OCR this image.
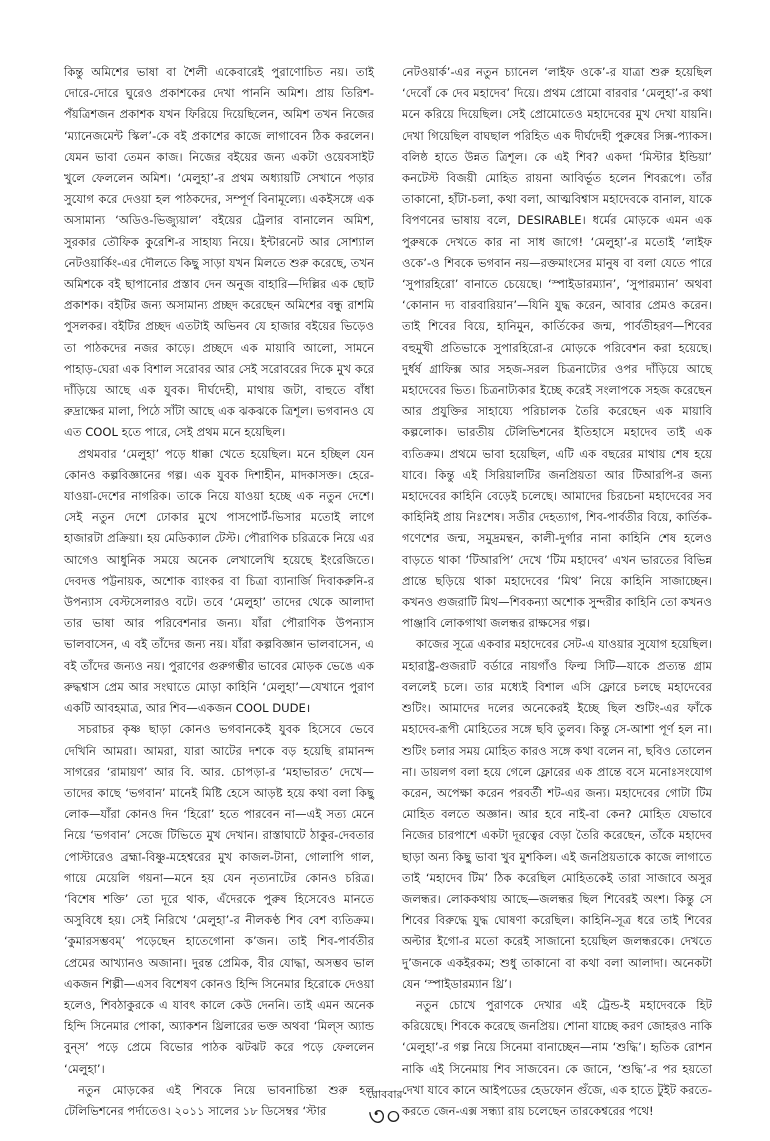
কিন্তু অমিশের ভাষা বা শৈলী একেবারেই পুরাণোচিত নয়। তাই দোরে-দোরে ঘুরেও প্রকাশকের দেখা পাননি অমিশ। প্রায় তিরিশ-পঁয়ত্রিশজন প্রকাশক যখন ফিরিয়ে দিয়েছিলেন, অমিশ তখন নিজের ‘ম্যানেজমেন্ট স্কিল’-কে বই প্রকাশের কাজে লাগাবেন ঠিক করলেন। যেমন ভাবা তেমন কাজ। নিজের বইয়ের জন্য একটা ওয়েবসাইট খুলে ফেললেন অমিশ। ‘মেলুহা’-র প্রথম অধ্যায়টি সেখানে পড়ার সুযোগ করে দেওয়া হল পাঠকদের, সম্পূর্ণ বিনামূল্যে। একইসঙ্গে এক অসামান্য ‘অডিও-ভিজ্যুয়াল’ বইয়ের ট্রেলার বানালেন অমিশ, সুরকার তৌফিক কুরেশি-র সাহায্য নিয়ে। ইন্টারনেট আর সোশ্যাল নেটওয়ার্কিং-এর দৌলতে কিছু সাড়া যখন মিলতে শুরু করেছে, তখন অমিশকে বই ছাপানোর প্রস্তাব দেন অনুজ বাহারি—দিল্লির এক ছোট প্রকাশক। বইটির জন্য অসামান্য প্রচ্ছদ করেছেন অমিশের বন্ধু রাশমি পুসলকর। বইটির প্রচ্ছদ এতটাই অভিনব যে হাজার বইয়ের ভিড়েও তা পাঠকদের নজর কাড়ে। প্রচ্ছদে এক মায়াবি আলো, সামনে পাহাড়-ঘেরা এক বিশাল সরোবর আর সেই সরোবরের দিকে মুখ করে দাঁড়িয়ে আছে এক যুবক। দীর্ঘদেহী, মাথায় জটা, বাহুতে বাঁধা রুদ্রাক্ষের মালা, পিঠে সাঁটা আছে এক ঝকঝকে ত্রিশূল। ভগবানও যে এত COOL হতে পারে, সেই প্রথম মনে হয়েছিল।

প্রথমবার ‘মেলুহা’ পড়ে ধাক্কা খেতে হয়েছিল। মনে হচ্ছিল যেন কোনও কল্পবিজ্ঞানের গল্প। এক যুবক দিশাহীন, মাদকাসক্ত। হেরে-যাওয়া-দেশের নাগরিক। তাকে নিয়ে যাওয়া হচ্ছে এক নতুন দেশে। সেই নতুন দেশে ঢোকার মুখে পাসপোর্ট-ভিসার মতোই লাগে হাজারটা প্রক্রিয়া। হয় মেডিক্যাল টেস্ট। পৌরাণিক চরিত্রকে নিয়ে এর আগেও আধুনিক সময়ে অনেক লেখালেখি হয়েছে ইংরেজিতে। দেবদত্ত পট্টনায়ক, অশোক ব্যাংকর বা চিত্রা ব্যানার্জি দিবাকরুনি-র উপন্যাস বেস্টসেলারও বটে। তবে ‘মেলুহা’ তাদের থেকে আলাদা তার ভাষা আর পরিবেশনার জন্য। যাঁরা পৌরাণিক উপন্যাস ভালবাসেন, এ বই তাঁদের জন্য নয়। যাঁরা কল্পবিজ্ঞান ভালবাসেন, এ বই তাঁদের জন্যও নয়। পুরাণের গুরুগম্ভীর ভাবের মোড়ক ভেঙে এক রুদ্ধশ্বাস প্রেম আর সংঘাতে মোড়া কাহিনি ‘মেলুহা’—যেখানে পুরাণ একটি আবহমাত্র, আর শিব—একজন COOL DUDE।

সচরাচর কৃষ্ণ ছাড়া কোনও ভগবানকেই যুবক হিসেবে ভেবে দেখিনি আমরা। আমরা, যারা আটের দশকে বড় হয়েছি রামানন্দ সাগরের ‘রামায়ণ’ আর বি. আর. চোপড়া-র ‘মহাভারত’ দেখে—তাদের কাছে ‘ভগবান’ মানেই মিষ্টি হেসে আড়ষ্ট হয়ে কথা বলা কিছু লোক—যাঁরা কোনও দিন ‘হিরো’ হতে পারবেন না—এই সত্য মেনে নিয়ে ‘ভগবান’ সেজে টিভিতে মুখ দেখান। রাস্তাঘাটে ঠাকুর-দেবতার পোস্টারেও ব্রহ্মা-বিষ্ণু-মহেশ্বরের মুখ কাজল-টানা, গোলাপি গাল, গায়ে মেয়েলি গয়না—মনে হয় যেন নৃত্যনাটের কোনও চরিত্র। ‘বিশেষ শক্তি’ তো দূরে থাক, এঁদেরকে পুরুষ হিসেবেও মানতে অসুবিধে হয়। সেই নিরিখে ‘মেলুহা’-র নীলকণ্ঠ শিব বেশ ব্যতিক্রম। ‘কুমারসম্ভবম্’ পড়েছেন হাতেগোনা ক’জন। তাই শিব-পার্বতীর প্রেমের আখ্যানও অজানা। দুরন্ত প্রেমিক, বীর যোদ্ধা, অসম্ভব ভাল একজন শিল্পী—এসব বিশেষণ কোনও হিন্দি সিনেমার হিরোকে দেওয়া হলেও, শিবঠাকুরকে এ যাবৎ কালে কেউ দেননি। তাই এমন অনেক হিন্দি সিনেমার পোকা, অ্যাকশন থ্রিলারের ভক্ত অথবা ‘মিল্‌স অ্যান্ড বুন্‌স’ পড়ে প্রেমে বিভোর পাঠক ঝটঝট করে পড়ে ফেললেন ‘মেলুহা’।

নতুন মোড়কের এই শিবকে নিয়ে ভাবনাচিন্তা শুরু হল টেলিভিশনের পর্দাতেও। ২০১১ সালের ১৮ ডিসেম্বর ‘স্টার

নেটওয়ার্ক’-এর নতুন চ্যানেল ‘লাইফ ওকে’-র যাত্রা শুরু হয়েছিল ‘দেবোঁ কে দেব মহাদেব’ দিয়ে। প্রথম প্রোমো বারবার ‘মেলুহা’-র কথা মনে করিয়ে দিয়েছিল। সেই প্রোমোতেও মহাদেবের মুখ দেখা যায়নি। দেখা গিয়েছিল বাঘছাল পরিহিত এক দীর্ঘদেহী পুরুষের সিক্স-প্যাকস। বলিষ্ঠ হাতে উন্নত ত্রিশূল। কে এই শিব? একদা ‘মিস্টার ইন্ডিয়া’ কনটেস্ট বিজয়ী মোহিত রায়না আবির্ভূত হলেন শিবরূপে। তাঁর তাকানো, হাঁটা-চলা, কথা বলা, আত্মবিশ্বাস মহাদেবকে বানাল, যাকে বিপণনের ভাষায় বলে, DESIRABLE। ধর্মের মোড়কে এমন এক পুরুষকে দেখতে কার না সাধ জাগে! ‘মেলুহা’-র মতোই ‘লাইফ ওকে’-ও শিবকে ভগবান নয়—রক্তমাংসের মানুষ বা বলা যেতে পারে ‘সুপারহিরো’ বানাতে চেয়েছে। ‘স্পাইডারম্যান’, ‘সুপারম্যান’ অথবা ‘কোনান দ্য বারবারিয়ান’—যিনি যুদ্ধ করেন, আবার প্রেমও করেন। তাই শিবের বিয়ে, হানিমুন, কার্তিকের জন্ম, পার্বতীহরণ—শিবের বহুমুখী প্রতিভাকে সুপারহিরো-র মোড়কে পরিবেশন করা হয়েছে। দুর্ধর্ষ গ্রাফিক্স আর সহজ-সরল চিত্রনাট্যের ওপর দাঁড়িয়ে আছে মহাদেবের ভিত। চিত্রনাট্যকার ইচ্ছে করেই সংলাপকে সহজ করেছেন আর প্রযুক্তির সাহায্যে পরিচালক তৈরি করেছেন এক মায়াবি কল্পলোক। ভারতীয় টেলিভিশনের ইতিহাসে মহাদেব তাই এক ব্যতিক্রম। প্রথমে ভাবা হয়েছিল, এটি এক বছরের মাথায় শেষ হয়ে যাবে। কিন্তু এই সিরিয়ালটির জনপ্রিয়তা আর টিআরপি-র জন্য মহাদেবের কাহিনি বেড়েই চলেছে। আমাদের চিরচেনা মহাদেবের সব কাহিনিই প্রায় নিঃশেষ। সতীর দেহত্যাগ, শিব-পার্বতীর বিয়ে, কার্তিক-গণেশের জন্ম, সমুদ্রমন্থন, কালী-দুর্গার নানা কাহিনি শেষ হলেও বাড়তে থাকা ‘টিআরপি’ দেখে ‘টিম মহাদেব’ এখন ভারতের বিভিন্ন প্রান্তে ছড়িয়ে থাকা মহাদেবের ‘মিথ’ নিয়ে কাহিনি সাজাচ্ছেন। কখনও গুজরাটি মিথ—শিবকন্যা অশোক সুন্দরীর কাহিনি তো কখনও পাঞ্জাবি লোকগাথা জলন্ধর রাক্ষসের গল্প।

কাজের সূত্রে একবার মহাদেবের সেট-এ যাওয়ার সুযোগ হয়েছিল। মহারাষ্ট্র-গুজরাট বর্ডারে নায়গাঁও ফিল্ম সিটি—যাকে প্রত্যন্ত গ্রাম বললেই চলে। তার মধ্যেই বিশাল এসি ফ্লোরে চলছে মহাদেবের শুটিং। আমাদের দলের অনেকেরই ইচ্ছে ছিল শুটিং-এর ফাঁকে মহাদেব-রূপী মোহিতের সঙ্গে ছবি তুলব। কিন্তু সে-আশা পূর্ণ হল না। শুটিং চলার সময় মোহিত কারও সঙ্গে কথা বলেন না, ছবিও তোলেন না। ডায়লগ বলা হয়ে গেলে ফ্লোরের এক প্রান্তে বসে মনোঃসংযোগ করেন, অপেক্ষা করেন পরবর্তী শট-এর জন্য। মহাদেবের গোটা টিম মোহিত বলতে অজ্ঞান। আর হবে নাই-বা কেন? মোহিত যেভাবে নিজের চারপাশে একটা দূরত্বের বেড়া তৈরি করেছেন, তাঁকে মহাদেব ছাড়া অন্য কিছু ভাবা খুব মুশকিল। এই জনপ্রিয়তাকে কাজে লাগাতে তাই ‘মহাদেব টিম’ ঠিক করেছিল মোহিতকেই তারা সাজাবে অসুর জলন্ধর। লোককথায় আছে—জলন্ধর ছিল শিবেরই অংশ। কিন্তু সে শিবের বিরুদ্ধে যুদ্ধ ঘোষণা করেছিল। কাহিনি-সূত্র ধরে তাই শিবের অল্টার ইগো-র মতো করেই সাজানো হয়েছিল জলন্ধরকে। দেখতে দু’জনকে একইরকম; শুধু তাকানো বা কথা বলা আলাদা। অনেকটা যেন ‘স্পাইডারম্যান থ্রি’।

নতুন চোখে পুরাণকে দেখার এই ট্রেন্ড-ই মহাদেবকে হিট করিয়েছে। শিবকে করেছে জনপ্রিয়। শোনা যাচ্ছে করণ জোহরও নাকি ‘মেলুহা’-র গল্প নিয়ে সিনেমা বানাচ্ছেন—নাম ‘শুদ্ধি’। হৃতিক রোশন নাকি এই সিনেমায় শিব সাজবেন। কে জানে, ‘শুদ্ধি’-র পর হয়তো দেখা যাবে কানে আইপডের হেডফোন গুঁজে, এক হাতে টুইট করতে-করতে জেন-এক্স সন্ধ্যা রায় চলেছেন তারকেশ্বরের পথে!

রোববার
৩০
